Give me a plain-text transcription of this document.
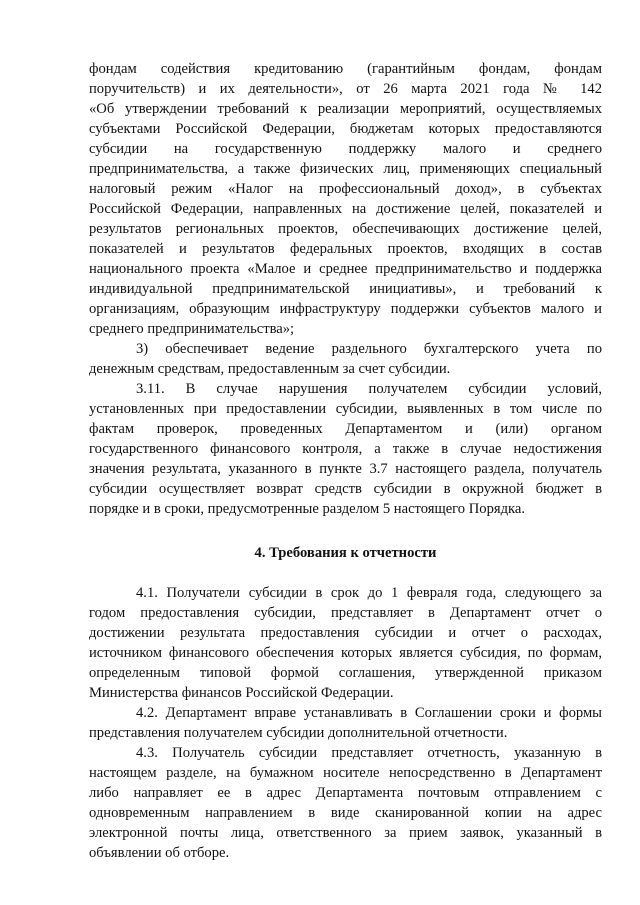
фондам содействия кредитованию (гарантийным фондам, фондам
поручительств) и их деятельности», от 26 марта 2021 года № 142
«Об утверждении требований к реализации мероприятий, осуществляемых
субъектами Российской Федерации, бюджетам которых предоставляются
субсидии на государственную поддержку малого и среднего
предпринимательства, а также физических лиц, применяющих специальный
налоговый режим «Налог на профессиональный доход», в субъектах
Российской Федерации, направленных на достижение целей, показателей и
результатов региональных проектов, обеспечивающих достижение целей,
показателей и результатов федеральных проектов, входящих в состав
национального проекта «Малое и среднее предпринимательство и поддержка
индивидуальной предпринимательской инициативы», и требований к
организациям, образующим инфраструктуру поддержки субъектов малого и
среднего предпринимательства»;
3) обеспечивает ведение раздельного бухгалтерского учета по
денежным средствам, предоставленным за счет субсидии.
3.11. В случае нарушения получателем субсидии условий,
установленных при предоставлении субсидии, выявленных в том числе по
фактам проверок, проведенных Департаментом и (или) органом
государственного финансового контроля, а также в случае недостижения
значения результата, указанного в пункте 3.7 настоящего раздела, получатель
субсидии осуществляет возврат средств субсидии в окружной бюджет в
порядке и в сроки, предусмотренные разделом 5 настоящего Порядка.
4. Требования к отчетности
4.1. Получатели субсидии в срок до 1 февраля года, следующего за
годом предоставления субсидии, представляет в Департамент отчет о
достижении результата предоставления субсидии и отчет о расходах,
источником финансового обеспечения которых является субсидия, по формам,
определенным типовой формой соглашения, утвержденной приказом
Министерства финансов Российской Федерации.
4.2. Департамент вправе устанавливать в Соглашении сроки и формы
представления получателем субсидии дополнительной отчетности.
4.3. Получатель субсидии представляет отчетность, указанную в
настоящем разделе, на бумажном носителе непосредственно в Департамент
либо направляет ее в адрес Департамента почтовым отправлением с
одновременным направлением в виде сканированной копии на адрес
электронной почты лица, ответственного за прием заявок, указанный в
объявлении об отборе.
